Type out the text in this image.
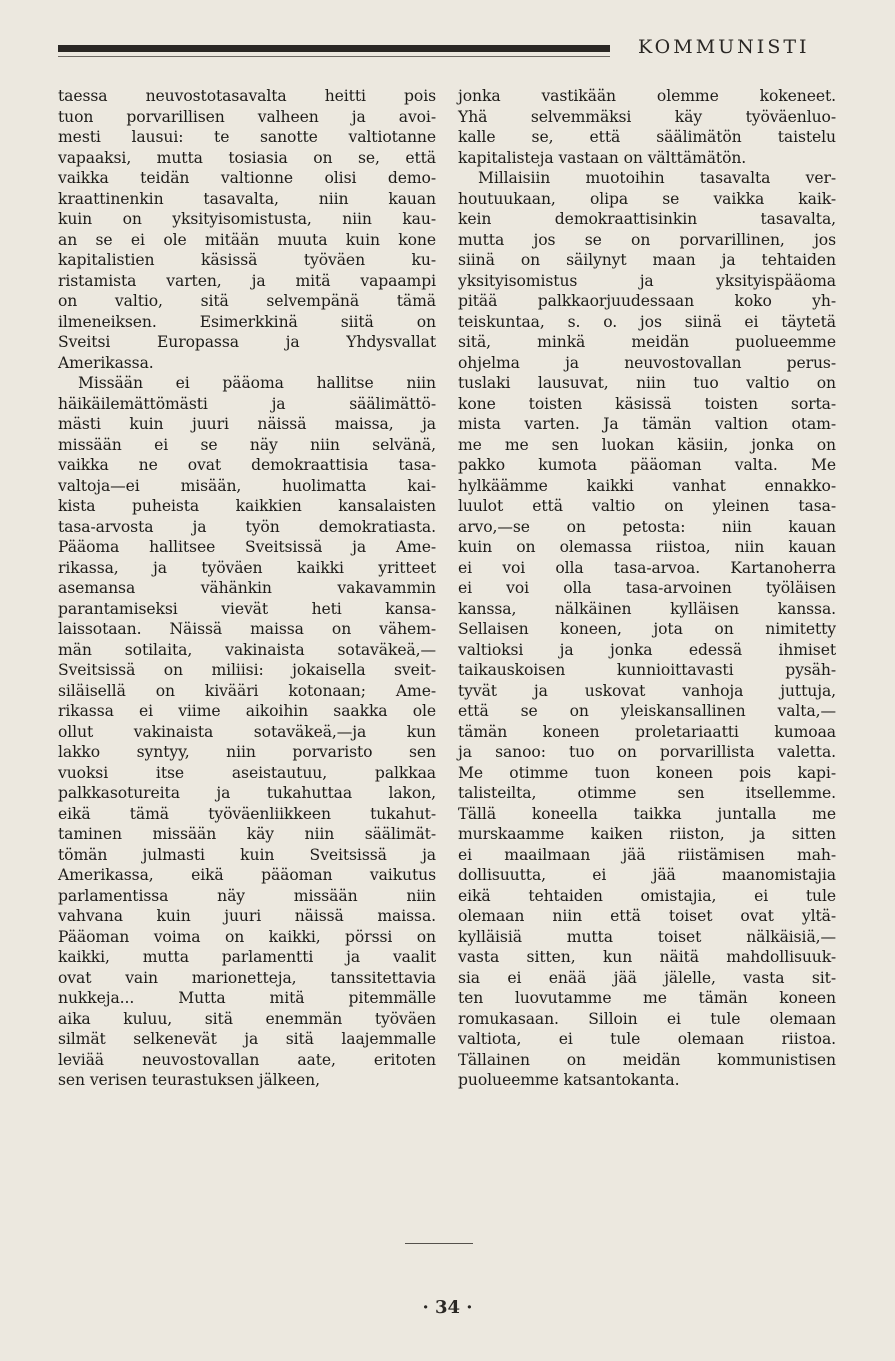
KOMMUNISTI
taessa neuvostotasavalta heitti pois
tuon porvarillisen valheen ja avoi-
mesti lausui: te sanotte valtiotanne
vapaaksi, mutta tosiasia on se, että
vaikka teidän valtionne olisi demo-
kraattinenkin tasavalta, niin kauan
kuin on yksityisomistusta, niin kau-
an se ei ole mitään muuta kuin kone
kapitalistien käsissä työväen ku-
ristamista varten, ja mitä vapaampi
on valtio, sitä selvempänä tämä
ilmeneiksen. Esimerkkinä siitä on
Sveitsi Europassa ja Yhdysvallat
Amerikassa.
Missään ei pääoma hallitse niin
häikäilemättömästi ja säälimättö-
mästi kuin juuri näissä maissa, ja
missään ei se näy niin selvänä,
vaikka ne ovat demokraattisia tasa-
valtoja—ei misään, huolimatta kai-
kista puheista kaikkien kansalaisten
tasa-arvosta ja työn demokratiasta.
Pääoma hallitsee Sveitsissä ja Ame-
rikassa, ja työväen kaikki yritteet
asemansa vähänkin vakavammin
parantamiseksi vievät heti kansa-
laissotaan. Näissä maissa on vähem-
män sotilaita, vakinaista sotaväkeä,—
Sveitsissä on miliisi: jokaisella sveit-
siläisellä on kivääri kotonaan; Ame-
rikassa ei viime aikoihin saakka ole
ollut vakinaista sotaväkeä,—ja kun
lakko syntyy, niin porvaristo sen
vuoksi itse aseistautuu, palkkaa
palkkasotureita ja tukahuttaa lakon,
eikä tämä työväenliikkeen tukahut-
taminen missään käy niin säälimät-
tömän julmasti kuin Sveitsissä ja
Amerikassa, eikä pääoman vaikutus
parlamentissa näy missään niin
vahvana kuin juuri näissä maissa.
Pääoman voima on kaikki, pörssi on
kaikki, mutta parlamentti ja vaalit
ovat vain marionetteja, tanssitettavia
nukkeja... Mutta mitä pitemmälle
aika kuluu, sitä enemmän työväen
silmät selkenevät ja sitä laajemmalle
leviää neuvostovallan aate, eritoten
sen verisen teurastuksen jälkeen,
jonka vastikään olemme kokeneet.
Yhä selvemmäksi käy työväenluo-
kalle se, että säälimätön taistelu
kapitalisteja vastaan on välttämätön.
Millaisiin muotoihin tasavalta ver-
houtuukaan, olipa se vaikka kaik-
kein demokraattisinkin tasavalta,
mutta jos se on porvarillinen, jos
siinä on säilynyt maan ja tehtaiden
yksityisomistus ja yksityispääoma
pitää palkkaorjuudessaan koko yh-
teiskuntaa, s. o. jos siinä ei täytetä
sitä, minkä meidän puolueemme
ohjelma ja neuvostovallan perus-
tuslaki lausuvat, niin tuo valtio on
kone toisten käsissä toisten sorta-
mista varten. Ja tämän valtion otam-
me me sen luokan käsiin, jonka on
pakko kumota pääoman valta. Me
hylkäämme kaikki vanhat ennakko-
luulot että valtio on yleinen tasa-
arvo,—se on petosta: niin kauan
kuin on olemassa riistoa, niin kauan
ei voi olla tasa-arvoa. Kartanoherra
ei voi olla tasa-arvoinen työläisen
kanssa, nälkäinen kylläisen kanssa.
Sellaisen koneen, jota on nimitetty
valtioksi ja jonka edessä ihmiset
taikauskoisen kunnioittavasti pysäh-
tyvät ja uskovat vanhoja juttuja,
että se on yleiskansallinen valta,—
tämän koneen proletariaatti kumoaa
ja sanoo: tuo on porvarillista valetta.
Me otimme tuon koneen pois kapi-
talisteilta, otimme sen itsellemme.
Tällä koneella taikka juntalla me
murskaamme kaiken riiston, ja sitten
ei maailmaan jää riistämisen mah-
dollisuutta, ei jää maanomistajia
eikä tehtaiden omistajia, ei tule
olemaan niin että toiset ovat yltä-
kylläisiä mutta toiset nälkäisiä,—
vasta sitten, kun näitä mahdollisuuk-
sia ei enää jää jälelle, vasta sit-
ten luovutamme me tämän koneen
romukasaan. Silloin ei tule olemaan
valtiota, ei tule olemaan riistoa.
Tällainen on meidän kommunistisen
puolueemme katsantokanta.
· 34 ·
